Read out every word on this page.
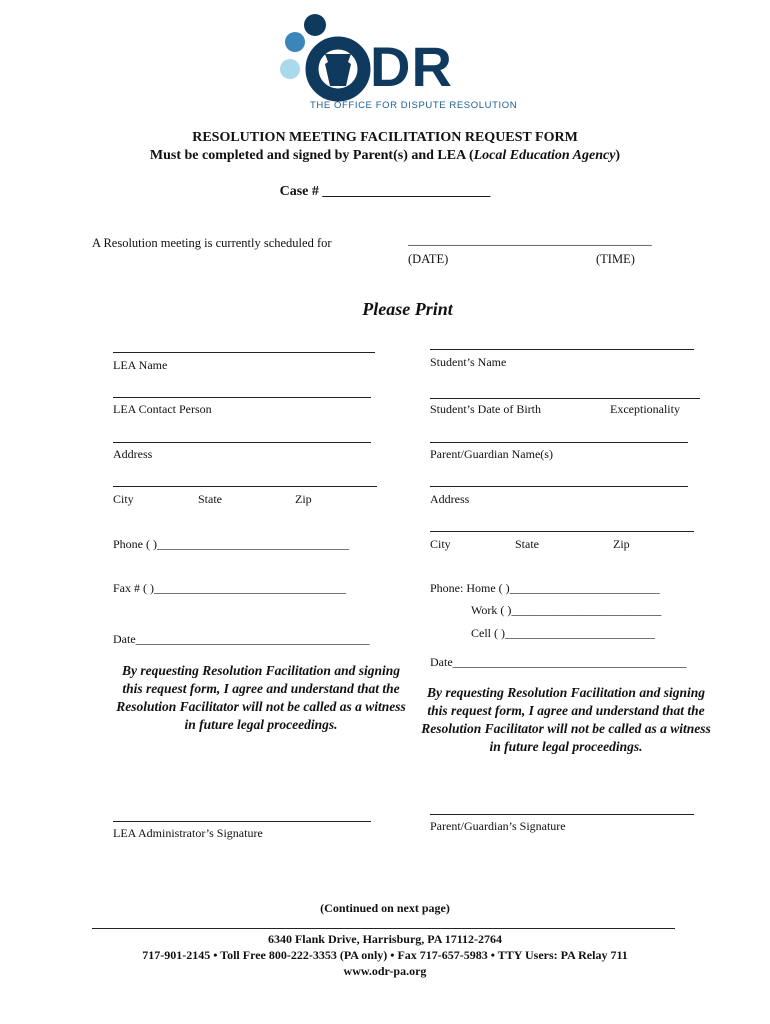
DR
THE OFFICE FOR DISPUTE RESOLUTION
RESOLUTION MEETING FACILITATION REQUEST FORM
Must be completed and signed by Parent(s) and LEA (Local Education Agency)
Case # ________________________
A Resolution meeting is currently scheduled for	_______________________________________
(DATE)	(TIME)
Please Print
LEA Name
LEA Contact Person
Address
City	State	Zip
Phone ( )________________________________
Fax # ( )________________________________
Date_______________________________________
By requesting Resolution Facilitation and signing this request form, I agree and understand that the Resolution Facilitator will not be called as a witness in future legal proceedings.
LEA Administrator’s Signature
Student’s Name
Student’s Date of Birth	Exceptionality
Parent/Guardian Name(s)
Address
City	State	Zip
Phone: Home ( )_________________________
Work ( )_________________________
Cell ( )_________________________
Date_______________________________________
By requesting Resolution Facilitation and signing this request form, I agree and understand that the Resolution Facilitator will not be called as a witness in future legal proceedings.
Parent/Guardian’s Signature
(Continued on next page)
6340 Flank Drive, Harrisburg, PA 17112-2764
717-901-2145 • Toll Free 800-222-3353 (PA only) • Fax 717-657-5983 • TTY Users: PA Relay 711
www.odr-pa.org
